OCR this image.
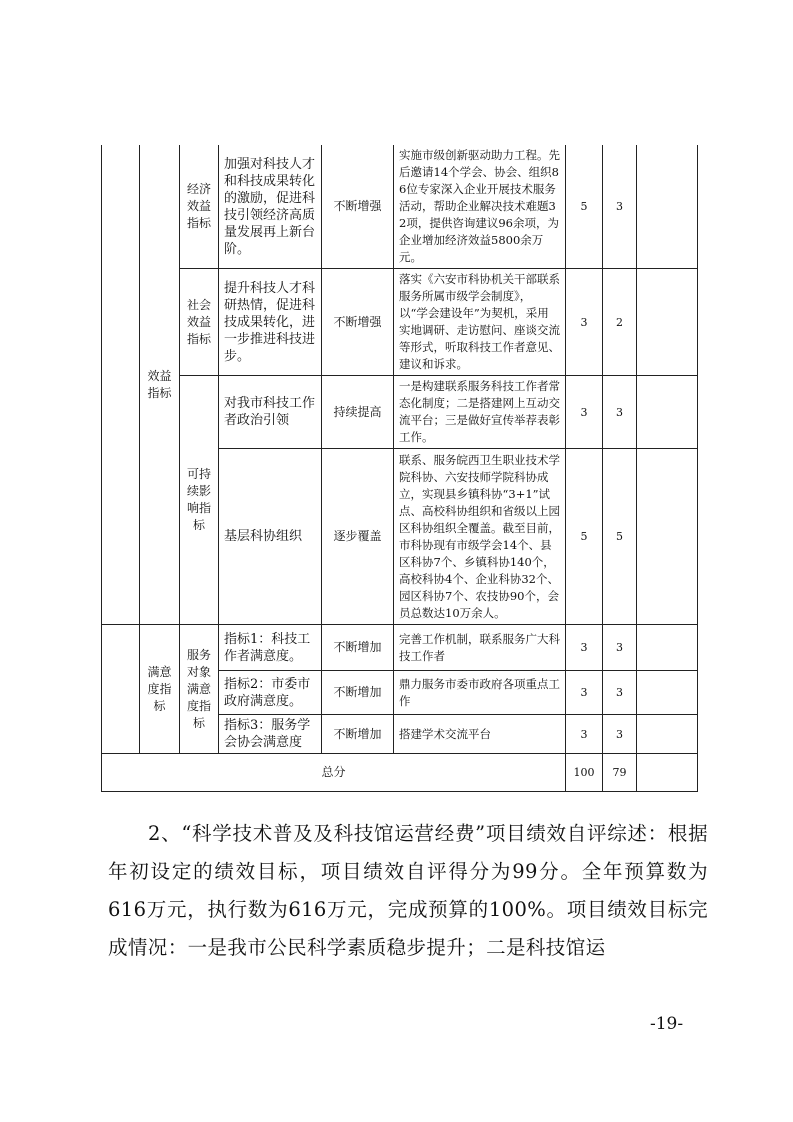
	效益指标	经济效益指标	加强对科技人才和科技成果转化的激励，促进科技引领经济高质量发展再上新台阶。	不断增强	实施市级创新驱动助力工程。先后邀请14个学会、协会、组织86位专家深入企业开展技术服务活动，帮助企业解决技术难题32项，提供咨询建议96余项，为企业增加经济效益5800余万元。	5	3	
		社会效益指标	提升科技人才科研热情，促进科技成果转化，进一步推进科技进步。	不断增强	落实《六安市科协机关干部联系服务所属市级学会制度》，以“学会建设年”为契机，采用实地调研、走访慰问、座谈交流等形式，听取科技工作者意见、建议和诉求。	3	2	
		可持续影响指标	对我市科技工作者政治引领	持续提高	一是构建联系服务科技工作者常态化制度；二是搭建网上互动交流平台；三是做好宣传举荐表彰工作。	3	3	
			基层科协组织	逐步覆盖	联系、服务皖西卫生职业技术学院科协、六安技师学院科协成立，实现县乡镇科协“3+1”试点、高校科协组织和省级以上园区科协组织全覆盖。截至目前，市科协现有市级学会14个、县区科协7个、乡镇科协140个，高校科协4个、企业科协32个、园区科协7个、农技协90个，会员总数达10万余人。	5	5	
	满意度指标	服务对象满意度指标	指标1：科技工作者满意度。	不断增加	完善工作机制，联系服务广大科技工作者	3	3	
			指标2：市委市政府满意度。	不断增加	鼎力服务市委市政府各项重点工作	3	3	
			指标3：服务学会协会满意度	不断增加	搭建学术交流平台	3	3	
总分						100	79	

2、“科学技术普及及科技馆运营经费”项目绩效自评综述：根据年初设定的绩效目标，项目绩效自评得分为99分。全年预算数为616万元，执行数为616万元，完成预算的100%。项目绩效目标完成情况：一是我市公民科学素质稳步提升；二是科技馆运

-19-
